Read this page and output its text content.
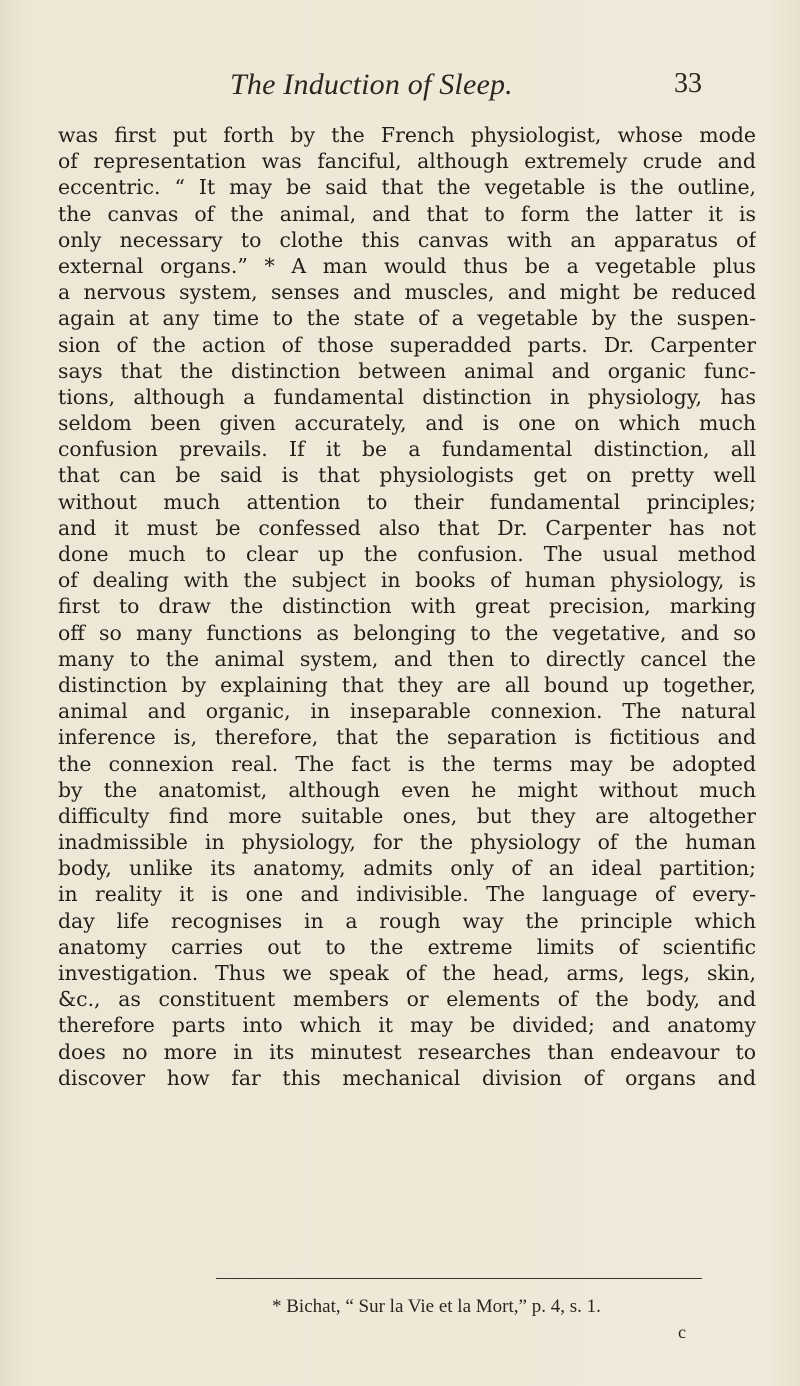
The Induction of Sleep.	33
was first put forth by the French physiologist, whose mode
of representation was fanciful, although extremely crude and
eccentric. “ It may be said that the vegetable is the outline,
the canvas of the animal, and that to form the latter it is
only necessary to clothe this canvas with an apparatus of
external organs.” * A man would thus be a vegetable plus
a nervous system, senses and muscles, and might be reduced
again at any time to the state of a vegetable by the suspen-
sion of the action of those superadded parts. Dr. Carpenter
says that the distinction between animal and organic func-
tions, although a fundamental distinction in physiology, has
seldom been given accurately, and is one on which much
confusion prevails. If it be a fundamental distinction, all
that can be said is that physiologists get on pretty well
without much attention to their fundamental principles;
and it must be confessed also that Dr. Carpenter has not
done much to clear up the confusion. The usual method
of dealing with the subject in books of human physiology, is
first to draw the distinction with great precision, marking
off so many functions as belonging to the vegetative, and so
many to the animal system, and then to directly cancel the
distinction by explaining that they are all bound up together,
animal and organic, in inseparable connexion. The natural
inference is, therefore, that the separation is fictitious and
the connexion real. The fact is the terms may be adopted
by the anatomist, although even he might without much
difficulty find more suitable ones, but they are altogether
inadmissible in physiology, for the physiology of the human
body, unlike its anatomy, admits only of an ideal partition;
in reality it is one and indivisible. The language of every-
day life recognises in a rough way the principle which
anatomy carries out to the extreme limits of scientific
investigation. Thus we speak of the head, arms, legs, skin,
&c., as constituent members or elements of the body, and
therefore parts into which it may be divided; and anatomy
does no more in its minutest researches than endeavour to
discover how far this mechanical division of organs and
* Bichat, “ Sur la Vie et la Mort,” p. 4, s. 1.
c
